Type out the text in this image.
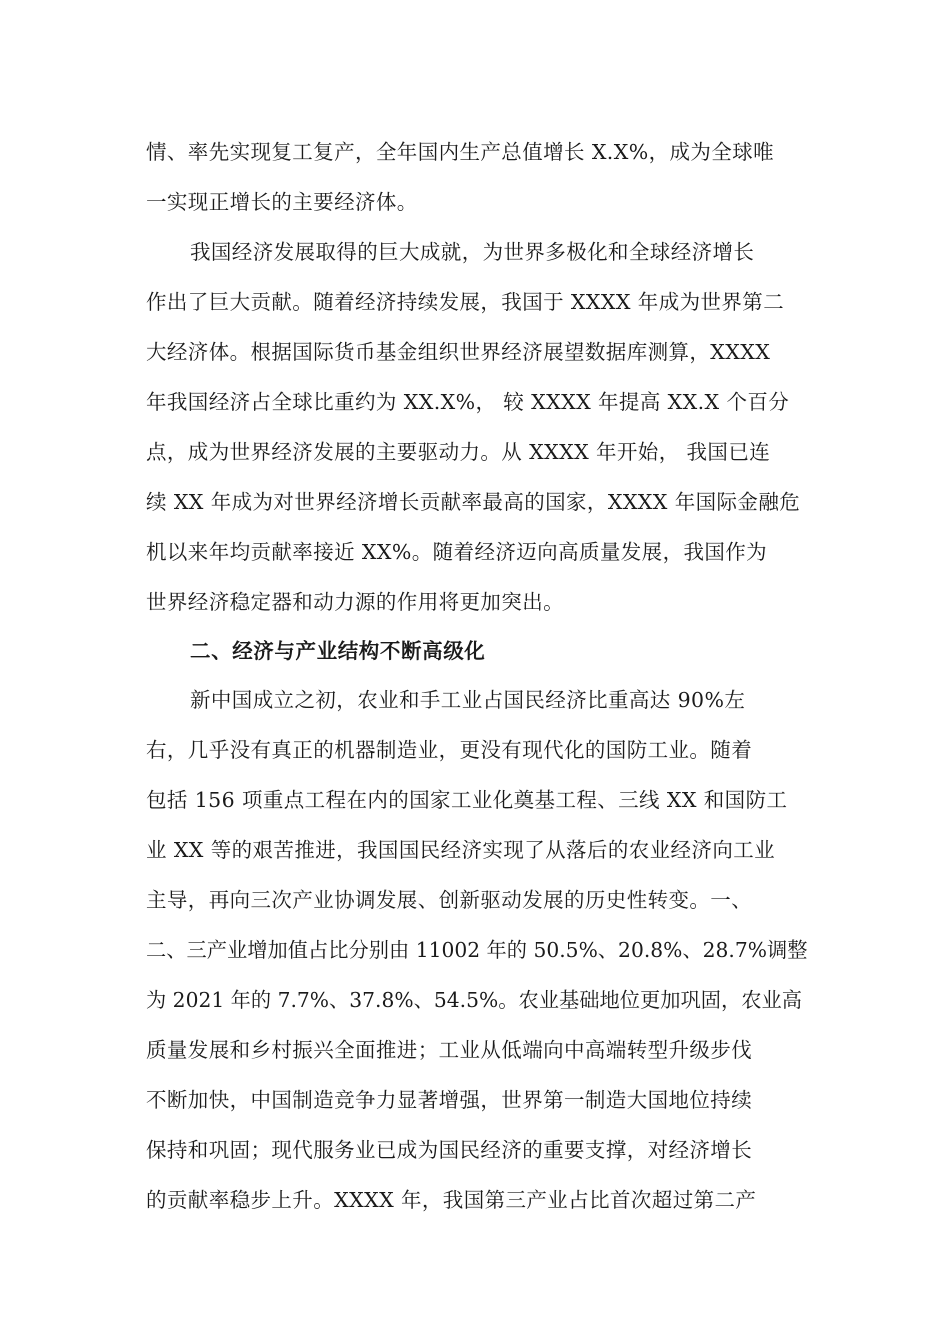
情、率先实现复工复产，全年国内生产总值增长 X.X%，成为全球唯
一实现正增长的主要经济体。
我国经济发展取得的巨大成就，为世界多极化和全球经济增长
作出了巨大贡献。随着经济持续发展，我国于 XXXX 年成为世界第二
大经济体。根据国际货币基金组织世界经济展望数据库测算，XXXX
年我国经济占全球比重约为 XX.X%， 较 XXXX 年提高 XX.X 个百分
点，成为世界经济发展的主要驱动力。从 XXXX 年开始， 我国已连
续 XX 年成为对世界经济增长贡献率最高的国家，XXXX 年国际金融危
机以来年均贡献率接近 XX%。随着经济迈向高质量发展，我国作为
世界经济稳定器和动力源的作用将更加突出。
二、经济与产业结构不断高级化
新中国成立之初，农业和手工业占国民经济比重高达 90%左
右，几乎没有真正的机器制造业，更没有现代化的国防工业。随着
包括 156 项重点工程在内的国家工业化奠基工程、三线 XX 和国防工
业 XX 等的艰苦推进，我国国民经济实现了从落后的农业经济向工业
主导，再向三次产业协调发展、创新驱动发展的历史性转变。一、
二、三产业增加值占比分别由 11002 年的 50.5%、20.8%、28.7%调整
为 2021 年的 7.7%、37.8%、54.5%。农业基础地位更加巩固，农业高
质量发展和乡村振兴全面推进；工业从低端向中高端转型升级步伐
不断加快，中国制造竞争力显著增强，世界第一制造大国地位持续
保持和巩固；现代服务业已成为国民经济的重要支撑，对经济增长
的贡献率稳步上升。XXXX 年，我国第三产业占比首次超过第二产
